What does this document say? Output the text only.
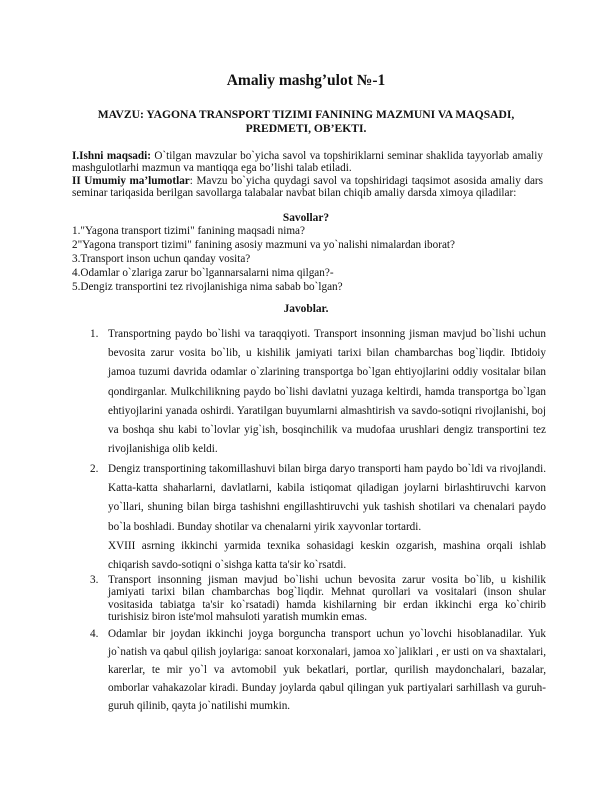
Amaliy mashg’ulot №-1
MAVZU: YAGONA TRANSPORT TIZIMI FANINING MAZMUNI VA MAQSADI, PREDMETI, OB’EKTI.
I.Ishni maqsadi: O`tilgan mavzular bo`yicha savol va topshiriklarni seminar shaklida tayyorlab amaliy mashgulotlarhi mazmun va mantiqqa ega bo’lishi talab etiladi.
II Umumiy ma’lumotlar: Mavzu bo`yicha quydagi savol va topshiridagi taqsimot asosida amaliy dars seminar tariqasida berilgan savollarga talabalar navbat bilan chiqib amaliy darsda ximoya qiladilar:
Savollar?
1."Yagona transport tizimi" fanining maqsadi nima?
2"Yagona transport tizimi" fanining asosiy mazmuni va yo`nalishi nimalardan iborat?
3.Transport inson uchun qanday vosita?
4.Odamlar o`zlariga zarur bo`lgannarsalarni nima qilgan?-
5.Dengiz transportini tez rivojlanishiga nima sabab bo`lgan?
Javoblar.
1. Transportning paydo bo`lishi va taraqqiyoti. Transport insonning jisman mavjud bo`lishi uchun bevosita zarur vosita bo`lib, u kishilik jamiyati tarixi bilan chambarchas bog`liqdir. Ibtidoiy jamoa tuzumi davrida odamlar o`zlarining transportga bo`lgan ehtiyojlarini oddiy vositalar bilan qondirganlar. Mulkchilikning paydo bo`lishi davlatni yuzaga keltirdi, hamda transportga bo`lgan ehtiyojlarini yanada oshirdi. Yaratilgan buyumlarni almashtirish va savdo-sotiqni rivojlanishi, boj va boshqa shu kabi to`lovlar yig`ish, bosqinchilik va mudofaa urushlari dengiz transportini tez rivojlanishiga olib keldi.
2. Dengiz transportining takomillashuvi bilan birga daryo transporti ham paydo bo`ldi va rivojlandi. Katta-katta shaharlarni, davlatlarni, kabila istiqomat qiladigan joylarni birlashtiruvchi karvon yo`llari, shuning bilan birga tashishni engillashtiruvchi yuk tashish shotilari va chenalari paydo bo`la boshladi. Bunday shotilar va chenalarni yirik xayvonlar tortardi.
XVIII asrning ikkinchi yarmida texnika sohasidagi keskin ozgarish, mashina orqali ishlab chiqarish savdo-sotiqni o`sishga katta ta'sir ko`rsatdi.
3. Transport insonning jisman mavjud bo`lishi uchun bevosita zarur vosita bo`lib, u kishilik jamiyati tarixi bilan chambarchas bog`liqdir. Mehnat qurollari va vositalari (inson shular vositasida tabiatga ta'sir ko`rsatadi) hamda kishilarning bir erdan ikkinchi erga ko`chirib turishisiz biron iste'mol mahsuloti yaratish mumkin emas.
4. Odamlar bir joydan ikkinchi joyga borguncha transport uchun yo`lovchi hisoblanadilar. Yuk jo`natish va qabul qilish joylariga: sanoat korxonalari, jamoa xo`jaliklari , er usti on va shaxtalari, karerlar, te mir yo`l va avtomobil yuk bekatlari, portlar, qurilish maydonchalari, bazalar, omborlar vahakazolar kiradi. Bunday joylarda qabul qilingan yuk partiyalari sarhillash va guruh-guruh qilinib, qayta jo`natilishi mumkin.
